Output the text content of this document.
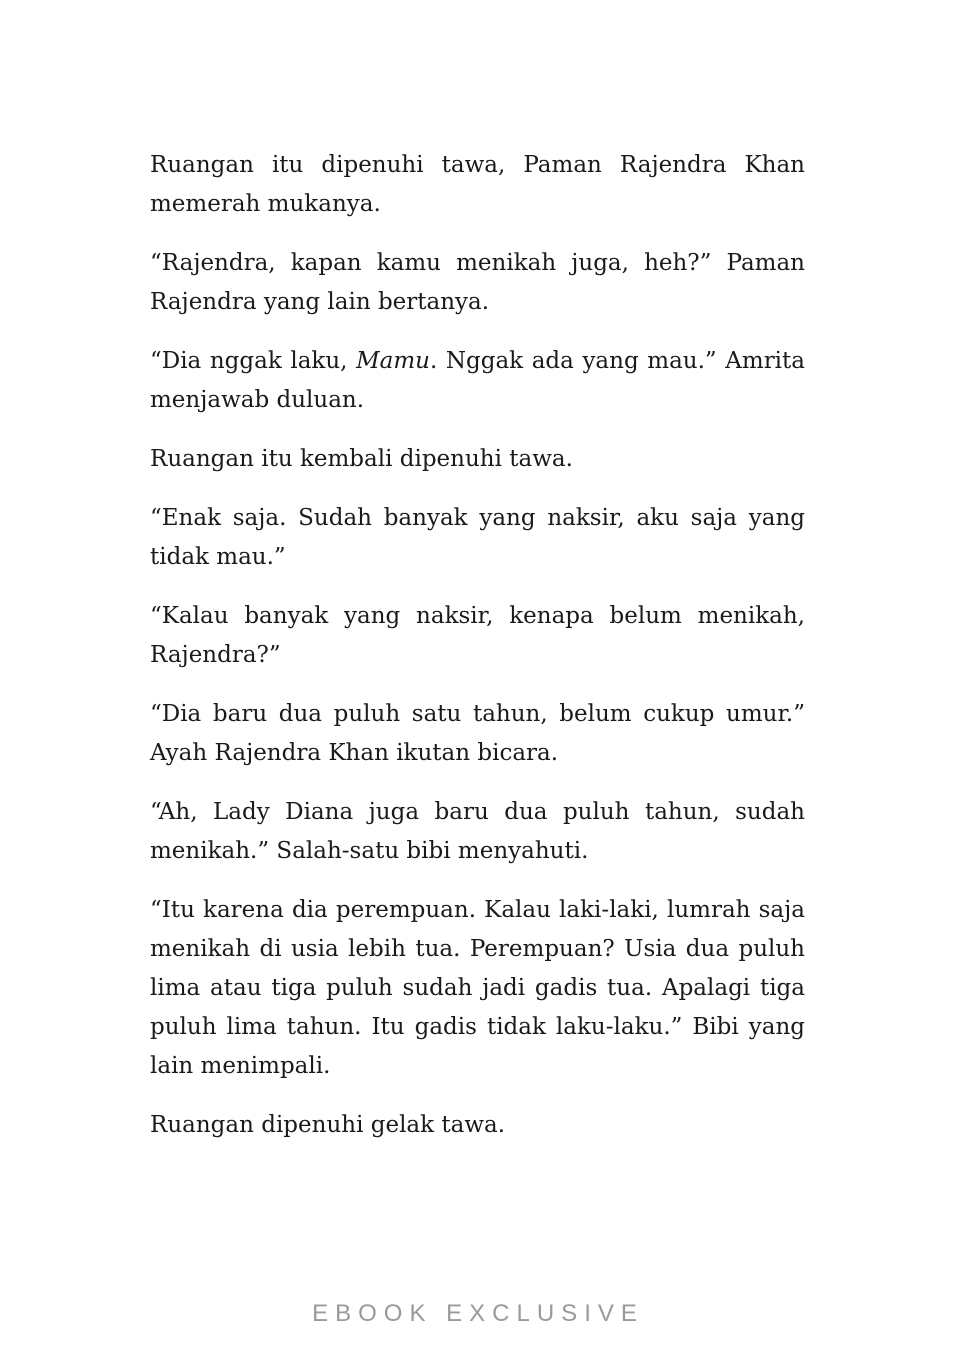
Ruangan itu dipenuhi tawa, Paman Rajendra Khan memerah mukanya.

“Rajendra, kapan kamu menikah juga, heh?” Paman Rajendra yang lain bertanya.

“Dia nggak laku, Mamu. Nggak ada yang mau.” Amrita menjawab duluan.

Ruangan itu kembali dipenuhi tawa.

“Enak saja. Sudah banyak yang naksir, aku saja yang tidak mau.”

“Kalau banyak yang naksir, kenapa belum menikah, Rajendra?”

“Dia baru dua puluh satu tahun, belum cukup umur.” Ayah Rajendra Khan ikutan bicara.

“Ah, Lady Diana juga baru dua puluh tahun, sudah menikah.” Salah-satu bibi menyahuti.

“Itu karena dia perempuan. Kalau laki-laki, lumrah saja menikah di usia lebih tua. Perempuan? Usia dua puluh lima atau tiga puluh sudah jadi gadis tua. Apalagi tiga puluh lima tahun. Itu gadis tidak laku-laku.” Bibi yang lain menimpali.

Ruangan dipenuhi gelak tawa.

EBOOK EXCLUSIVE
